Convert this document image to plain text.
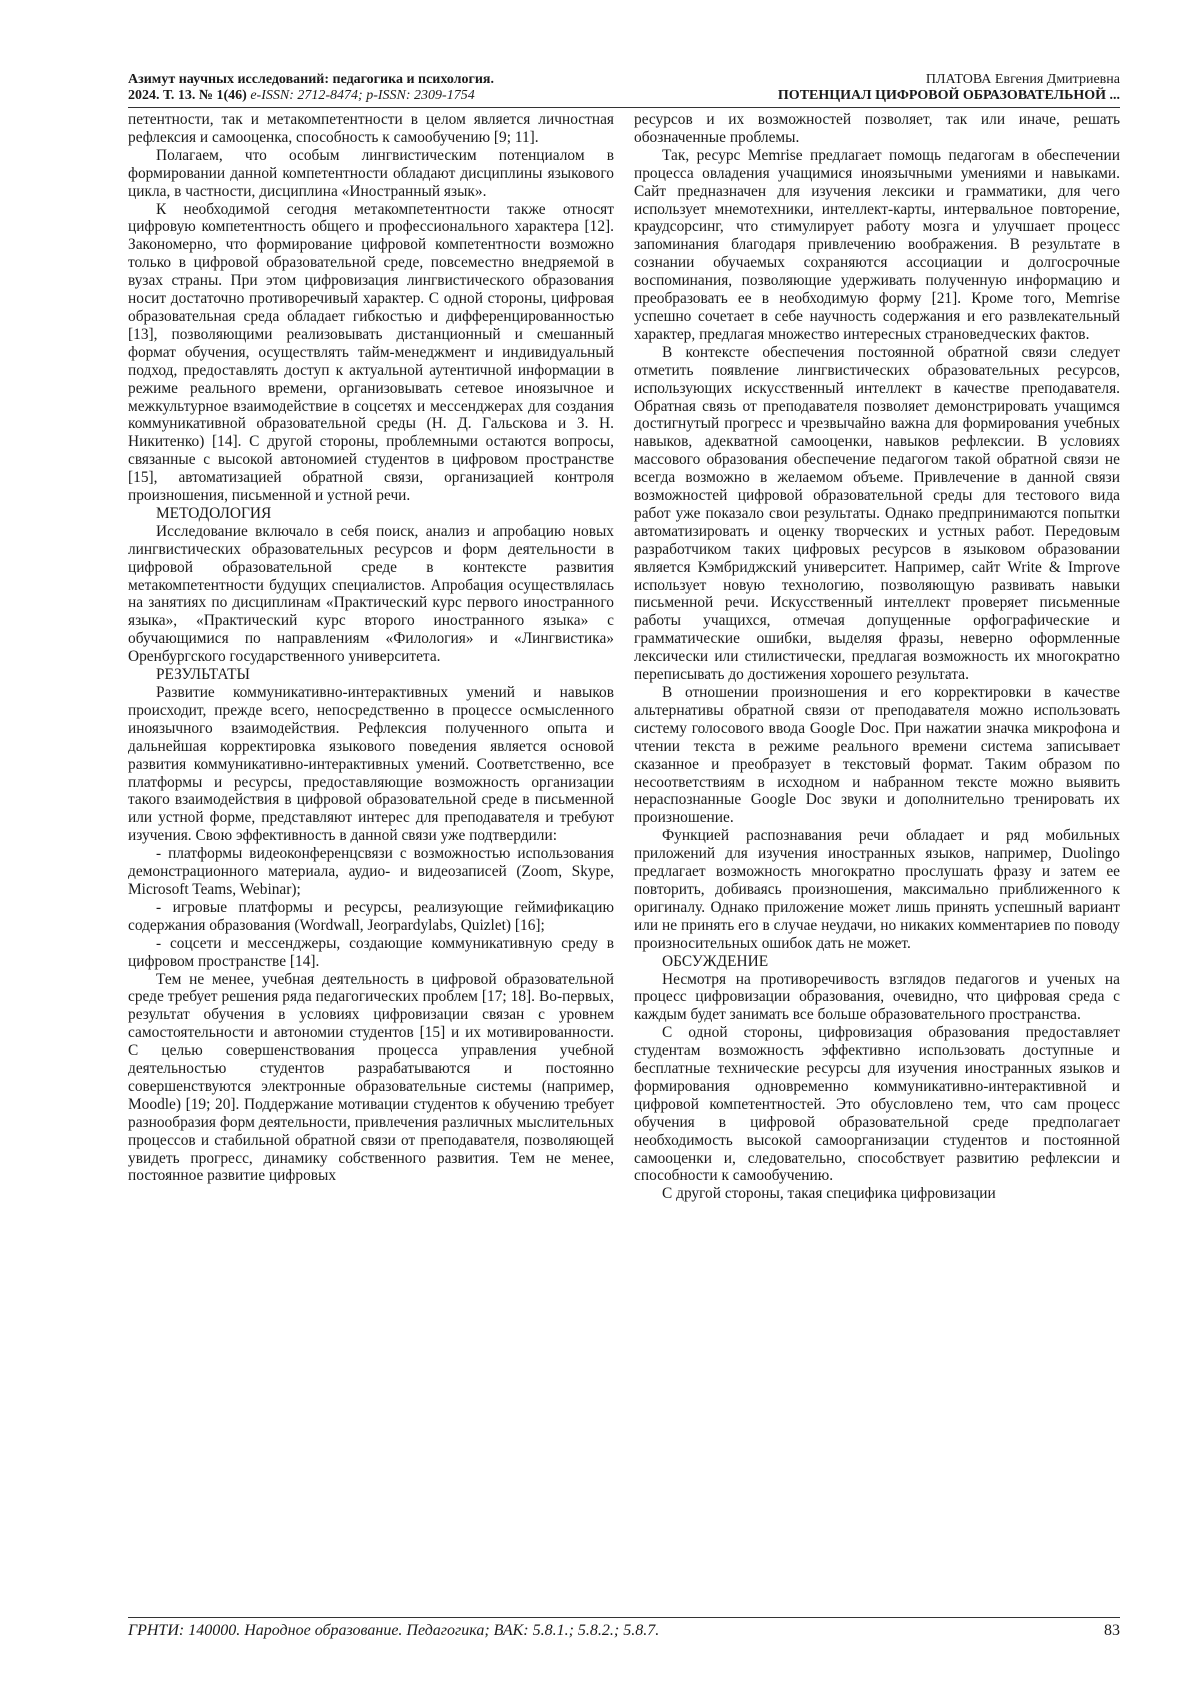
Азимут научных исследований: педагогика и психология.
2024. Т. 13. № 1(46) e-ISSN: 2712-8474; p-ISSN: 2309-1754
ПЛАТОВА Евгения Дмитриевна
ПОТЕНЦИАЛ ЦИФРОВОЙ ОБРАЗОВАТЕЛЬНОЙ ...

петентности, так и метакомпетентности в целом является личностная рефлексия и самооценка, способность к самообучению [9; 11].

Полагаем, что особым лингвистическим потенциалом в формировании данной компетентности обладают дисциплины языкового цикла, в частности, дисциплина «Иностранный язык».

К необходимой сегодня метакомпетентности также относят цифровую компетентность общего и профессионального характера [12]. Закономерно, что формирование цифровой компетентности возможно только в цифровой образовательной среде, повсеместно внедряемой в вузах страны. При этом цифровизация лингвистического образования носит достаточно противоречивый характер. С одной стороны, цифровая образовательная среда обладает гибкостью и дифференцированностью [13], позволяющими реализовывать дистанционный и смешанный формат обучения, осуществлять тайм-менеджмент и индивидуальный подход, предоставлять доступ к актуальной аутентичной информации в режиме реального времени, организовывать сетевое иноязычное и межкультурное взаимодействие в соцсетях и мессенджерах для создания коммуникативной образовательной среды (Н. Д. Гальскова и З. Н. Никитенко) [14]. С другой стороны, проблемными остаются вопросы, связанные с высокой автономией студентов в цифровом пространстве [15], автоматизацией обратной связи, организацией контроля произношения, письменной и устной речи.

МЕТОДОЛОГИЯ

Исследование включало в себя поиск, анализ и апробацию новых лингвистических образовательных ресурсов и форм деятельности в цифровой образовательной среде в контексте развития метакомпетентности будущих специалистов. Апробация осуществлялась на занятиях по дисциплинам «Практический курс первого иностранного языка», «Практический курс второго иностранного языка» с обучающимися по направлениям «Филология» и «Лингвистика» Оренбургского государственного университета.

РЕЗУЛЬТАТЫ

Развитие коммуникативно-интерактивных умений и навыков происходит, прежде всего, непосредственно в процессе осмысленного иноязычного взаимодействия. Рефлексия полученного опыта и дальнейшая корректировка языкового поведения является основой развития коммуникативно-интерактивных умений. Соответственно, все платформы и ресурсы, предоставляющие возможность организации такого взаимодействия в цифровой образовательной среде в письменной или устной форме, представляют интерес для преподавателя и требуют изучения. Свою эффективность в данной связи уже подтвердили:

- платформы видеоконференцсвязи с возможностью использования демонстрационного материала, аудио- и видеозаписей (Zoom, Skype, Microsoft Teams, Webinar);

- игровые платформы и ресурсы, реализующие геймификацию содержания образования (Wordwall, Jeorpardylabs, Quizlet) [16];

- соцсети и мессенджеры, создающие коммуникативную среду в цифровом пространстве [14].

Тем не менее, учебная деятельность в цифровой образовательной среде требует решения ряда педагогических проблем [17; 18]. Во-первых, результат обучения в условиях цифровизации связан с уровнем самостоятельности и автономии студентов [15] и их мотивированности. С целью совершенствования процесса управления учебной деятельностью студентов разрабатываются и постоянно совершенствуются электронные образовательные системы (например, Moodle) [19; 20]. Поддержание мотивации студентов к обучению требует разнообразия форм деятельности, привлечения различных мыслительных процессов и стабильной обратной связи от преподавателя, позволяющей увидеть прогресс, динамику собственного развития. Тем не менее, постоянное развитие цифровых

ресурсов и их возможностей позволяет, так или иначе, решать обозначенные проблемы.

Так, ресурс Memrise предлагает помощь педагогам в обеспечении процесса овладения учащимися иноязычными умениями и навыками. Сайт предназначен для изучения лексики и грамматики, для чего использует мнемотехники, интеллект-карты, интервальное повторение, краудсорсинг, что стимулирует работу мозга и улучшает процесс запоминания благодаря привлечению воображения. В результате в сознании обучаемых сохраняются ассоциации и долгосрочные воспоминания, позволяющие удерживать полученную информацию и преобразовать ее в необходимую форму [21]. Кроме того, Memrise успешно сочетает в себе научность содержания и его развлекательный характер, предлагая множество интересных страноведческих фактов.

В контексте обеспечения постоянной обратной связи следует отметить появление лингвистических образовательных ресурсов, использующих искусственный интеллект в качестве преподавателя. Обратная связь от преподавателя позволяет демонстрировать учащимся достигнутый прогресс и чрезвычайно важна для формирования учебных навыков, адекватной самооценки, навыков рефлексии. В условиях массового образования обеспечение педагогом такой обратной связи не всегда возможно в желаемом объеме. Привлечение в данной связи возможностей цифровой образовательной среды для тестового вида работ уже показало свои результаты. Однако предпринимаются попытки автоматизировать и оценку творческих и устных работ. Передовым разработчиком таких цифровых ресурсов в языковом образовании является Кэмбриджский университет. Например, сайт Write & Improve использует новую технологию, позволяющую развивать навыки письменной речи. Искусственный интеллект проверяет письменные работы учащихся, отмечая допущенные орфографические и грамматические ошибки, выделяя фразы, неверно оформленные лексически или стилистически, предлагая возможность их многократно переписывать до достижения хорошего результата.

В отношении произношения и его корректировки в качестве альтернативы обратной связи от преподавателя можно использовать систему голосового ввода Google Doc. При нажатии значка микрофона и чтении текста в режиме реального времени система записывает сказанное и преобразует в текстовый формат. Таким образом по несоответствиям в исходном и набранном тексте можно выявить нераспознанные Google Doc звуки и дополнительно тренировать их произношение.

Функцией распознавания речи обладает и ряд мобильных приложений для изучения иностранных языков, например, Duolingo предлагает возможность многократно прослушать фразу и затем ее повторить, добиваясь произношения, максимально приближенного к оригиналу. Однако приложение может лишь принять успешный вариант или не принять его в случае неудачи, но никаких комментариев по поводу произносительных ошибок дать не может.

ОБСУЖДЕНИЕ

Несмотря на противоречивость взглядов педагогов и ученых на процесс цифровизации образования, очевидно, что цифровая среда с каждым будет занимать все больше образовательного пространства.

С одной стороны, цифровизация образования предоставляет студентам возможность эффективно использовать доступные и бесплатные технические ресурсы для изучения иностранных языков и формирования одновременно коммуникативно-интерактивной и цифровой компетентностей. Это обусловлено тем, что сам процесс обучения в цифровой образовательной среде предполагает необходимость высокой самоорганизации студентов и постоянной самооценки и, следовательно, способствует развитию рефлексии и способности к самообучению.

С другой стороны, такая специфика цифровизации

ГРНТИ: 140000. Народное образование. Педагогика; ВАК: 5.8.1.; 5.8.2.; 5.8.7.	83
